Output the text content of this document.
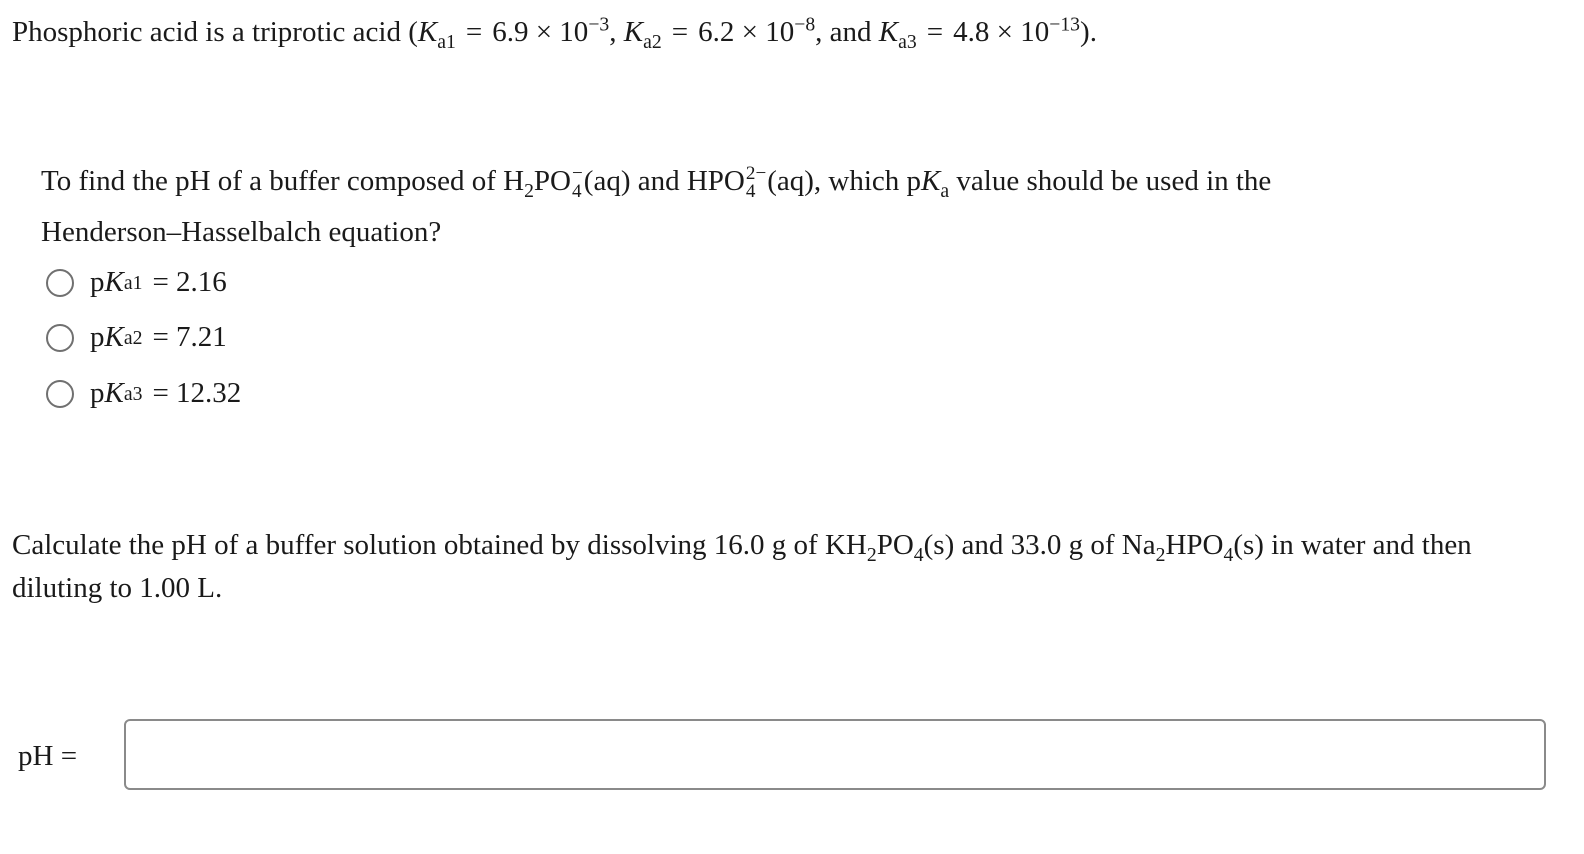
Phosphoric acid is a triprotic acid ($K_{a1} = 6.9 \times 10^{-3}$, $K_{a2} = 6.2 \times 10^{-8}$, and $K_{a3} = 4.8 \times 10^{-13}$).
To find the pH of a buffer composed of $H_2PO$ −
4 (aq) and HPO 2−
4 (aq), which $pK_a$ value should be used in the
Henderson–Hasselbalch equation?
p K a1 = 2.16
p K a2 = 7.21
p K a3 = 12.32
Calculate the pH of a buffer solution obtained by dissolving 16.0 g of $KH_2PO_4(s)$ and 33.0 g of $Na_2HPO_4(s)$ in water and then
diluting to 1.00 L.
pH =
